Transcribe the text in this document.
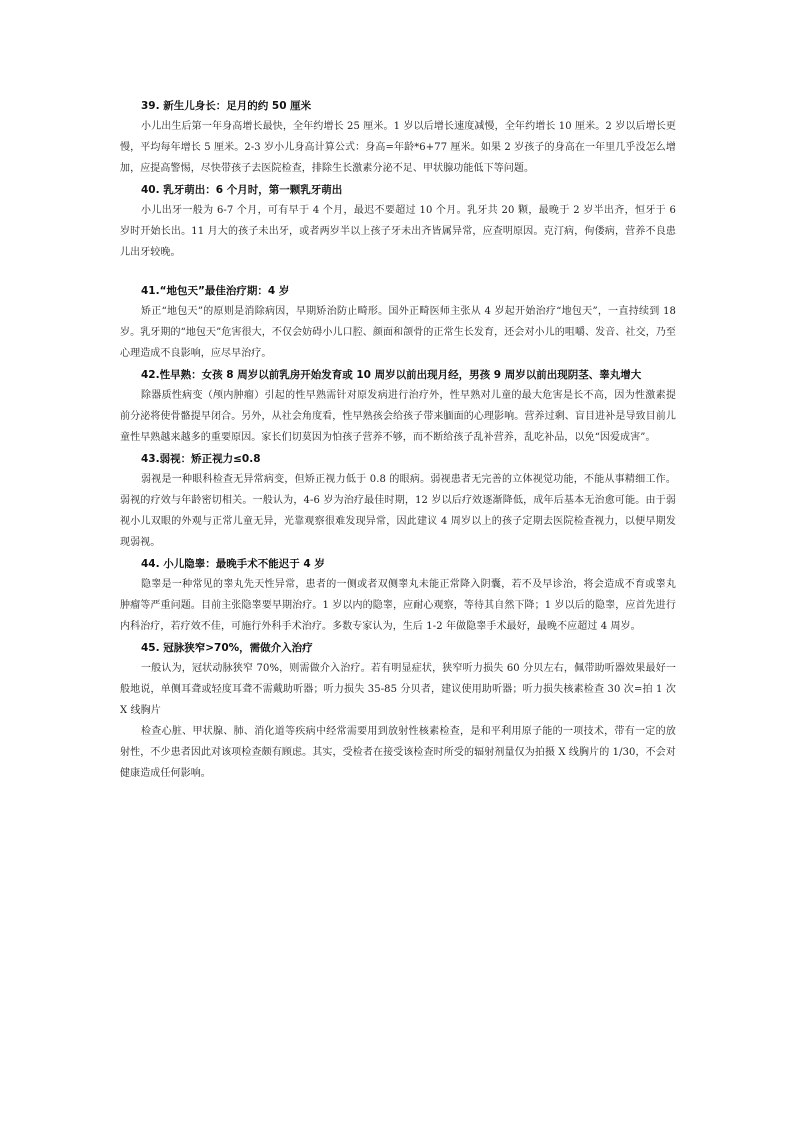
39. 新生儿身长：足月的约 50 厘米

小儿出生后第一年身高增长最快，全年约增长 25 厘米。1 岁以后增长速度减慢，全年约增长 10 厘米。2 岁以后增长更慢，平均每年增长 5 厘米。2-3 岁小儿身高计算公式：身高=年龄*6+77 厘米。如果 2 岁孩子的身高在一年里几乎没怎么增加，应提高警惕，尽快带孩子去医院检查，排除生长激素分泌不足、甲状腺功能低下等问题。

40. 乳牙萌出：6 个月时，第一颗乳牙萌出

小儿出牙一般为 6-7 个月，可有早于 4 个月，最迟不要超过 10 个月。乳牙共 20 颗，最晚于 2 岁半出齐，恒牙于 6 岁时开始长出。11 月大的孩子未出牙，或者两岁半以上孩子牙未出齐皆属异常，应查明原因。克汀病，佝偻病，营养不良患儿出牙较晚。

41.“地包天”最佳治疗期：4 岁

矫正“地包天”的原则是消除病因，早期矫治防止畸形。国外正畸医师主张从 4 岁起开始治疗“地包天”，一直持续到 18 岁。乳牙期的“地包天”危害很大，不仅会妨碍小儿口腔、颜面和颌骨的正常生长发育，还会对小儿的咀嚼、发音、社交，乃至心理造成不良影响，应尽早治疗。

42.性早熟：女孩 8 周岁以前乳房开始发育或 10 周岁以前出现月经，男孩 9 周岁以前出现阴茎、睾丸增大

除器质性病变（颅内肿瘤）引起的性早熟需针对原发病进行治疗外，性早熟对儿童的最大危害是长不高，因为性激素提前分泌将使骨骼提早闭合。另外，从社会角度看，性早熟孩会给孩子带来腼面的心理影响。营养过剩、盲目进补是导致目前儿童性早熟越来越多的重要原因。家长们切莫因为怕孩子营养不够，而不断给孩子乱补营养，乱吃补品，以免“因爱成害”。

43.弱视：矫正视力≤0.8

弱视是一种眼科检查无异常病变，但矫正视力低于 0.8 的眼病。弱视患者无完善的立体视觉功能，不能从事精细工作。弱视的疗效与年龄密切相关。一般认为，4-6 岁为治疗最佳时期，12 岁以后疗效逐渐降低，成年后基本无治愈可能。由于弱视小儿双眼的外观与正常儿童无异，光靠观察很难发现异常，因此建议 4 周岁以上的孩子定期去医院检查视力，以便早期发现弱视。

44. 小儿隐睾：最晚手术不能迟于 4 岁

隐睾是一种常见的睾丸先天性异常，患者的一侧或者双侧睾丸未能正常降入阴囊，若不及早诊治，将会造成不育或睾丸肿瘤等严重问题。目前主张隐睾要早期治疗。1 岁以内的隐睾，应耐心观察，等待其自然下降；1 岁以后的隐睾，应首先进行内科治疗，若疗效不佳，可施行外科手术治疗。多数专家认为，生后 1-2 年做隐睾手术最好，最晚不应超过 4 周岁。

45. 冠脉狭窄>70%，需做介入治疗

一般认为，冠状动脉狭窄 70%，则需做介入治疗。若有明显症状，狭窄听力损失 60 分贝左右，佩带助听器效果最好一般地说，单侧耳聋或轻度耳聋不需戴助听器；听力损失 35-85 分贝者，建议使用助听器；听力损失核素检查 30 次=拍 1 次 X 线胸片

检查心脏、甲状腺、肺、消化道等疾病中经常需要用到放射性核素检查，是和平利用原子能的一项技术，带有一定的放射性，不少患者因此对该项检查颇有顾虑。其实，受检者在接受该检查时所受的辐射剂量仅为拍摄 X 线胸片的 1/30，不会对健康造成任何影响。
